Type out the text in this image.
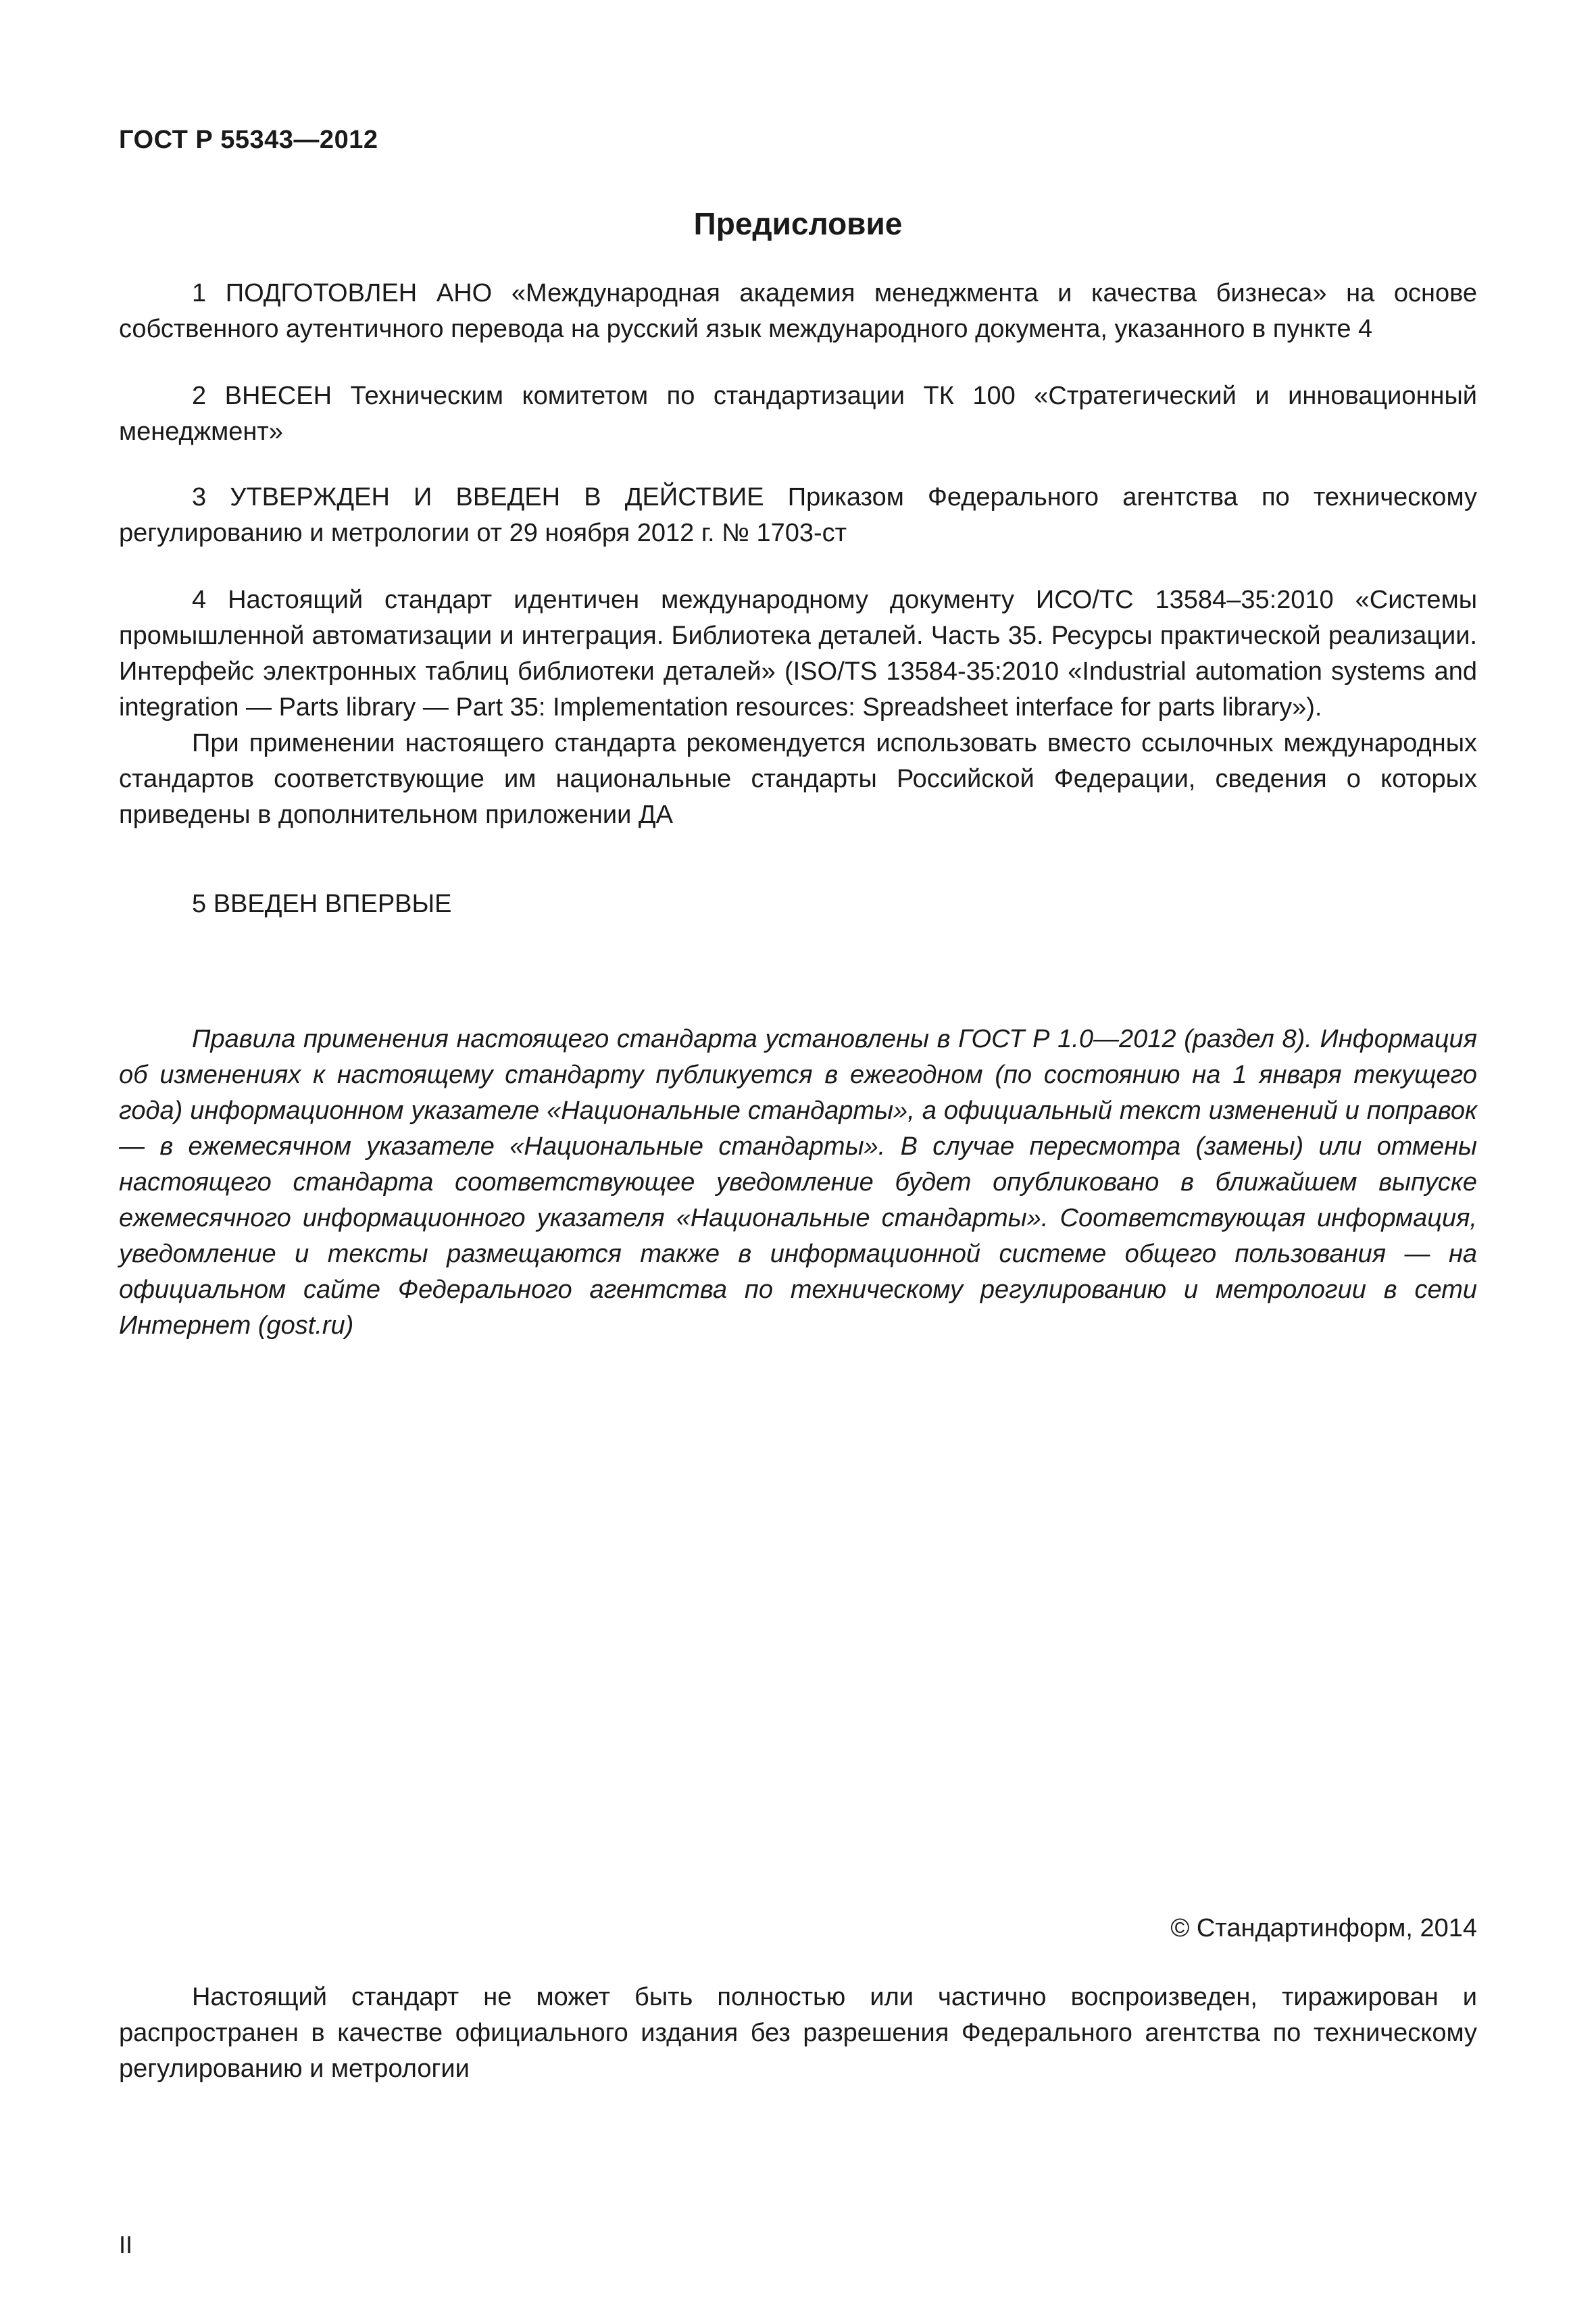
ГОСТ Р 55343—2012
Предисловие

1 ПОДГОТОВЛЕН АНО «Международная академия менеджмента и качества бизнеса» на основе собственного аутентичного перевода на русский язык международного документа, указанного в пункте 4

2 ВНЕСЕН Техническим комитетом по стандартизации ТК 100 «Стратегический и инновационный менеджмент»

3 УТВЕРЖДЕН И ВВЕДЕН В ДЕЙСТВИЕ Приказом Федерального агентства по техническому регулированию и метрологии от 29 ноября 2012 г. № 1703-ст

4 Настоящий стандарт идентичен международному документу ИСО/ТС 13584–35:2010 «Системы промышленной автоматизации и интеграция. Библиотека деталей. Часть 35. Ресурсы практической реализации. Интерфейс электронных таблиц библиотеки деталей» (ISO/TS 13584-35:2010 «Industrial automation systems and integration — Parts library — Part 35: Implementation resources: Spreadsheet interface for parts library»).

При применении настоящего стандарта рекомендуется использовать вместо ссылочных международных стандартов соответствующие им национальные стандарты Российской Федерации, сведения о которых приведены в дополнительном приложении ДА

5 ВВЕДЕН ВПЕРВЫЕ

Правила применения настоящего стандарта установлены в ГОСТ Р 1.0—2012 (раздел 8). Информация об изменениях к настоящему стандарту публикуется в ежегодном (по состоянию на 1 января текущего года) информационном указателе «Национальные стандарты», а официальный текст изменений и поправок — в ежемесячном указателе «Национальные стандарты». В случае пересмотра (замены) или отмены настоящего стандарта соответствующее уведомление будет опубликовано в ближайшем выпуске ежемесячного информационного указателя «Национальные стандарты». Соответствующая информация, уведомление и тексты размещаются также в информационной системе общего пользования — на официальном сайте Федерального агентства по техническому регулированию и метрологии в сети Интернет (gost.ru)

© Стандартинформ, 2014

Настоящий стандарт не может быть полностью или частично воспроизведен, тиражирован и распространен в качестве официального издания без разрешения Федерального агентства по техническому регулированию и метрологии

II
